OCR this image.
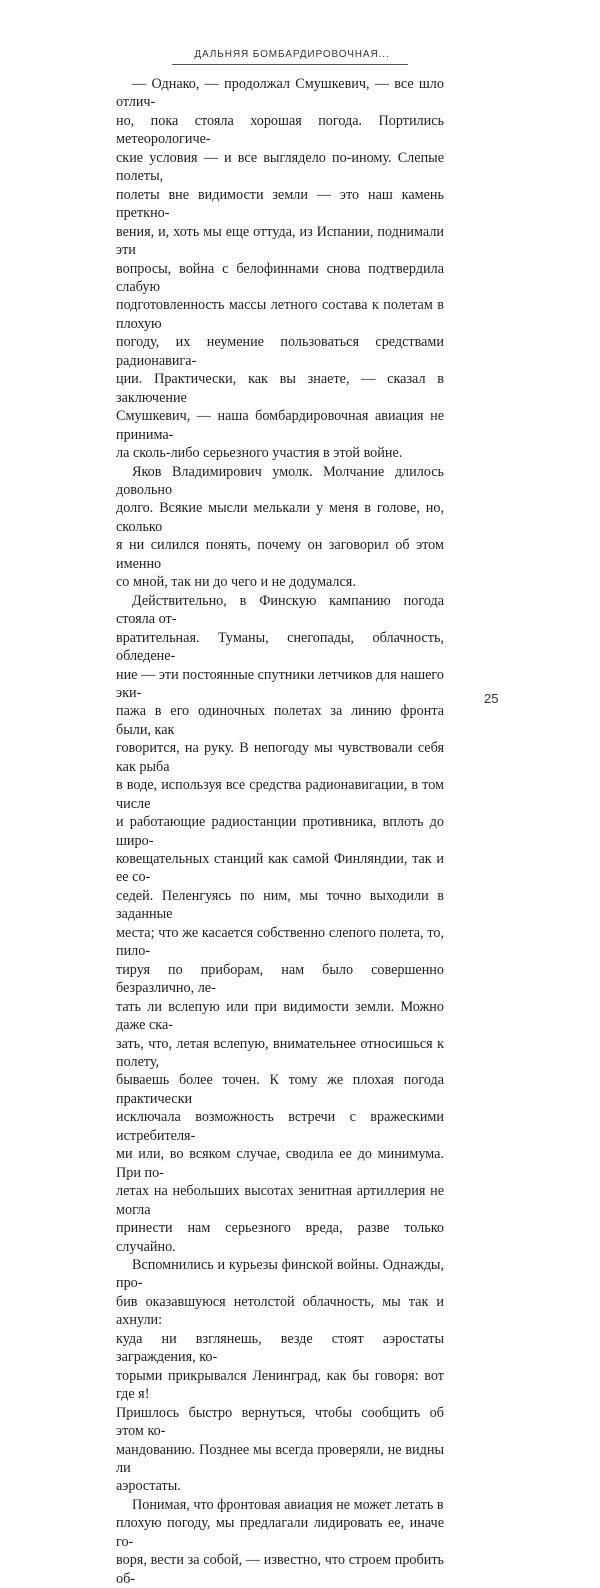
ДАЛЬНЯЯ БОМБАРДИРОВОЧНАЯ...

— Однако, — продолжал Смушкевич, — все шло отлич-
но, пока стояла хорошая погода. Портились метеорологиче-
ские условия — и все выглядело по-иному. Слепые полеты,
полеты вне видимости земли — это наш камень преткно-
вения, и, хоть мы еще оттуда, из Испании, поднимали эти
вопросы, война с белофиннами снова подтвердила слабую
подготовленность массы летного состава к полетам в плохую
погоду, их неумение пользоваться средствами радионавига-
ции. Практически, как вы знаете, — сказал в заключение
Смушкевич, — наша бомбардировочная авиация не принима-
ла сколь-либо серьезного участия в этой войне.

Яков Владимирович умолк. Молчание длилось довольно
долго. Всякие мысли мелькали у меня в голове, но, сколько
я ни силился понять, почему он заговорил об этом именно
со мной, так ни до чего и не додумался.

Действительно, в Финскую кампанию погода стояла от-
вратительная. Туманы, снегопады, облачность, обледене-
ние — эти постоянные спутники летчиков для нашего эки-
пажа в его одиночных полетах за линию фронта были, как
говорится, на руку. В непогоду мы чувствовали себя как рыба
в воде, используя все средства радионавигации, в том числе
и работающие радиостанции противника, вплоть до широ-
ковещательных станций как самой Финляндии, так и ее со-
седей. Пеленгуясь по ним, мы точно выходили в заданные
места; что же касается собственно слепого полета, то, пило-
тируя по приборам, нам было совершенно безразлично, ле-
тать ли вслепую или при видимости земли. Можно даже ска-
зать, что, летая вслепую, внимательнее относишься к полету,
бываешь более точен. К тому же плохая погода практически
исключала возможность встречи с вражескими истребителя-
ми или, во всяком случае, сводила ее до минимума. При по-
летах на небольших высотах зенитная артиллерия не могла
принести нам серьезного вреда, разве только случайно.

Вспомнились и курьезы финской войны. Однажды, про-
бив оказавшуюся нетолстой облачность, мы так и ахнули:
куда ни взглянешь, везде стоят аэростаты заграждения, ко-
торыми прикрывался Ленинград, как бы говоря: вот где я!
Пришлось быстро вернуться, чтобы сообщить об этом ко-
мандованию. Позднее мы всегда проверяли, не видны ли
аэростаты.

Понимая, что фронтовая авиация не может летать в
плохую погоду, мы предлагали лидировать ее, иначе го-
воря, вести за собой, — известно, что строем пробить об-

25
